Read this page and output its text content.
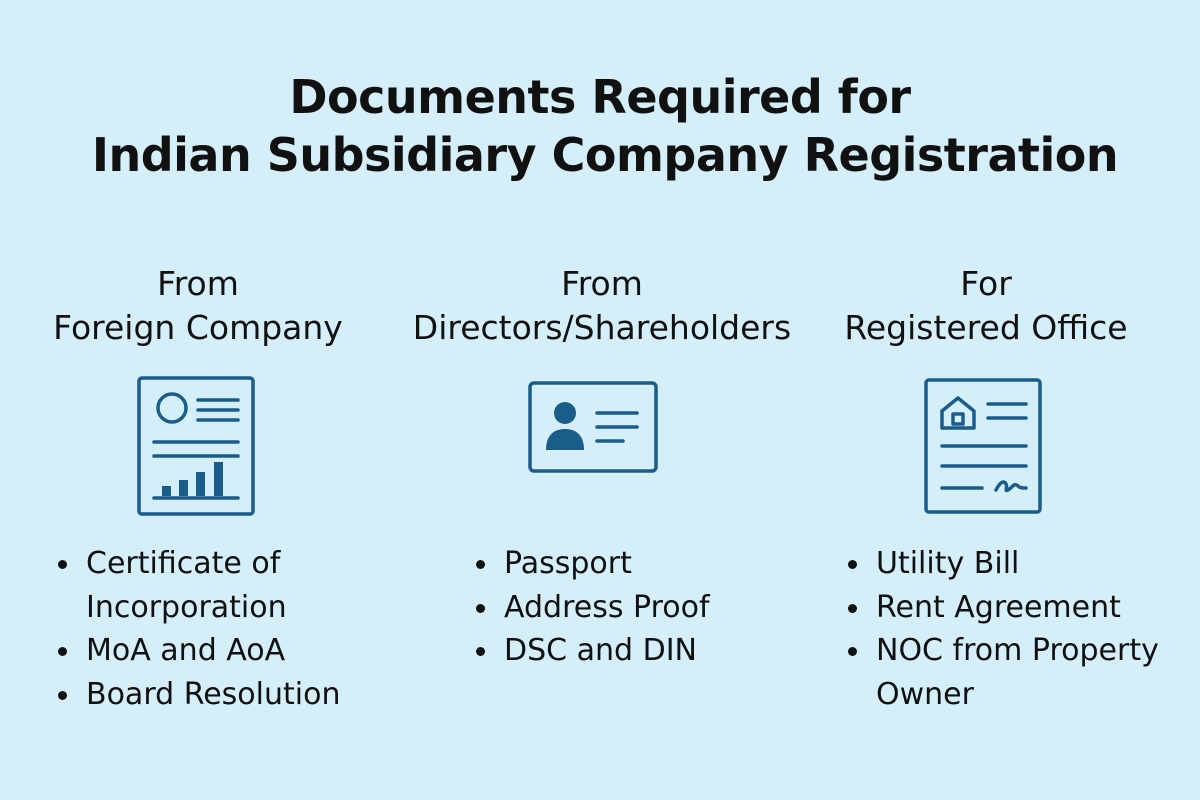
Documents Required for
Indian Subsidiary Company Registration
From
Foreign Company
From
Directors/Shareholders
For
Registered Office
Certificate of
Incorporation
MoA and AoA
Board Resolution
Passport
Address Proof
DSC and DIN
Utility Bill
Rent Agreement
NOC from Property
Owner
